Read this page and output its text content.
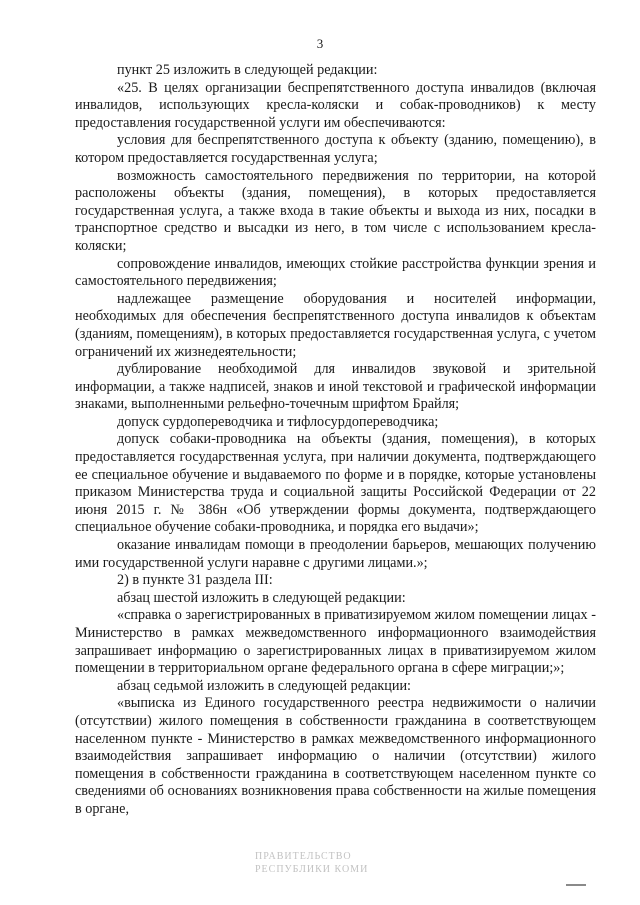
3

пункт 25 изложить в следующей редакции:

«25. В целях организации беспрепятственного доступа инвалидов (включая инвалидов, использующих кресла-коляски и собак-проводников) к месту предоставления государственной услуги им обеспечиваются:

условия для беспрепятственного доступа к объекту (зданию, помещению), в котором предоставляется государственная услуга;

возможность самостоятельного передвижения по территории, на которой расположены объекты (здания, помещения), в которых предоставляется государственная услуга, а также входа в такие объекты и выхода из них, посадки в транспортное средство и высадки из него, в том числе с использованием кресла-коляски;

сопровождение инвалидов, имеющих стойкие расстройства функции зрения и самостоятельного передвижения;

надлежащее размещение оборудования и носителей информации, необходимых для обеспечения беспрепятственного доступа инвалидов к объектам (зданиям, помещениям), в которых предоставляется государственная услуга, с учетом ограничений их жизнедеятельности;

дублирование необходимой для инвалидов звуковой и зрительной информации, а также надписей, знаков и иной текстовой и графической информации знаками, выполненными рельефно-точечным шрифтом Брайля;

допуск сурдопереводчика и тифлосурдопереводчика;

допуск собаки-проводника на объекты (здания, помещения), в которых предоставляется государственная услуга, при наличии документа, подтверждающего ее специальное обучение и выдаваемого по форме и в порядке, которые установлены приказом Министерства труда и социальной защиты Российской Федерации от 22 июня 2015 г. № 386н «Об утверждении формы документа, подтверждающего специальное обучение собаки-проводника, и порядка его выдачи»;

оказание инвалидам помощи в преодолении барьеров, мешающих получению ими государственной услуги наравне с другими лицами.»;

2) в пункте 31 раздела III:

абзац шестой изложить в следующей редакции:

«справка о зарегистрированных в приватизируемом жилом помещении лицах - Министерство в рамках межведомственного информационного взаимодействия запрашивает информацию о зарегистрированных лицах в приватизируемом жилом помещении в территориальном органе федерального органа в сфере миграции;»;

абзац седьмой изложить в следующей редакции:

«выписка из Единого государственного реестра недвижимости о наличии (отсутствии) жилого помещения в собственности гражданина в соответствующем населенном пункте - Министерство в рамках межведомственного информационного взаимодействия запрашивает информацию о наличии (отсутствии) жилого помещения в собственности гражданина в соответствующем населенном пункте со сведениями об основаниях возникновения права собственности на жилые помещения в органе,

ПРАВИТЕЛЬСТВО
РЕСПУБЛИКИ КОМИ
